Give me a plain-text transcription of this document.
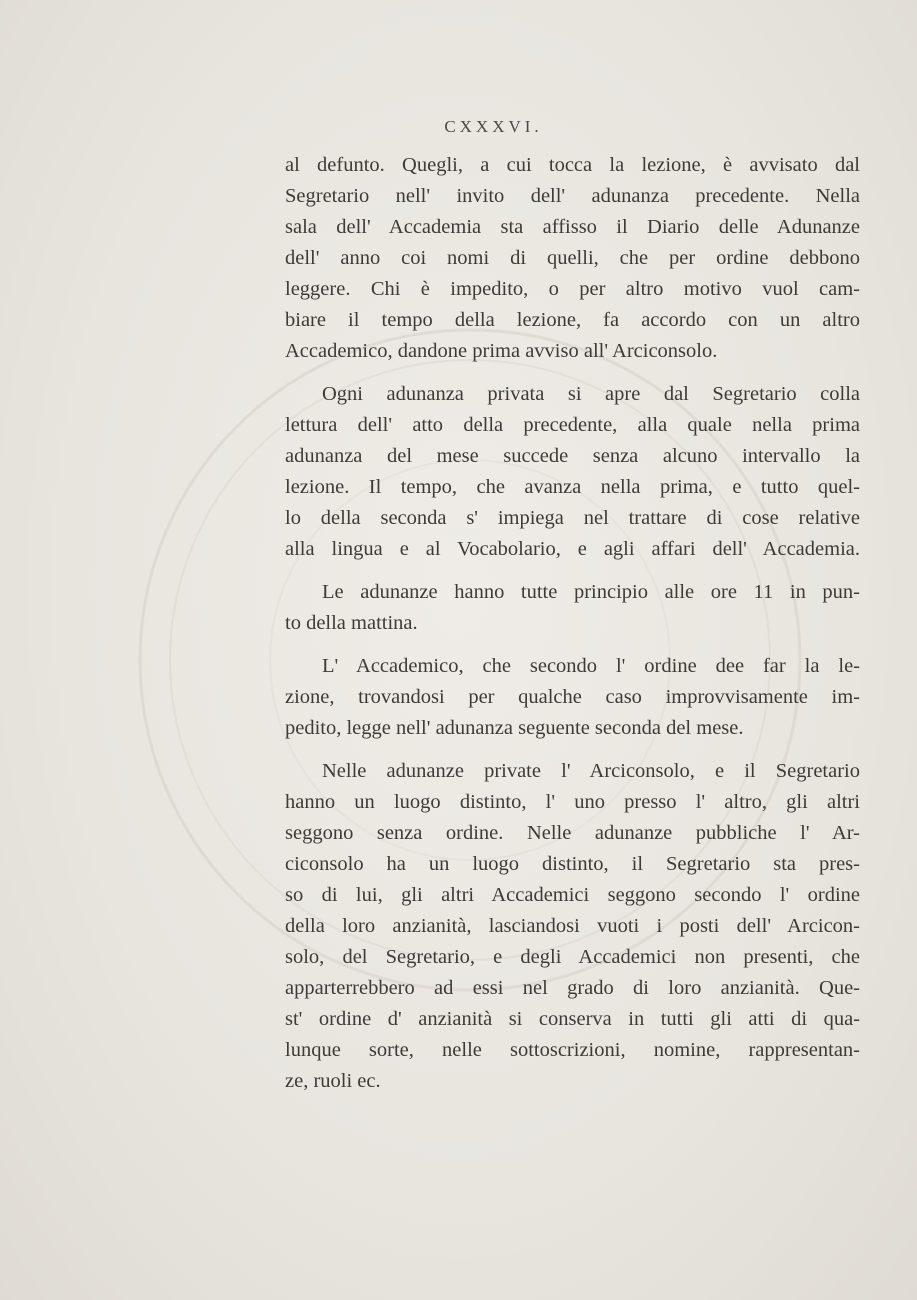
CXXXVI.
al defunto. Quegli, a cui tocca la lezione, è avvisato dal
Segretario nell' invito dell' adunanza precedente. Nella
sala dell' Accademia sta affisso il Diario delle Adunanze
dell' anno coi nomi di quelli, che per ordine debbono
leggere. Chi è impedito, o per altro motivo vuol cam-
biare il tempo della lezione, fa accordo con un altro
Accademico, dandone prima avviso all' Arciconsolo.
Ogni adunanza privata si apre dal Segretario colla
lettura dell' atto della precedente, alla quale nella prima
adunanza del mese succede senza alcuno intervallo la
lezione. Il tempo, che avanza nella prima, e tutto quel-
lo della seconda s' impiega nel trattare di cose relative
alla lingua e al Vocabolario, e agli affari dell' Accademia.
Le adunanze hanno tutte principio alle ore 11 in pun-
to della mattina.
L' Accademico, che secondo l' ordine dee far la le-
zione, trovandosi per qualche caso improvvisamente im-
pedito, legge nell' adunanza seguente seconda del mese.
Nelle adunanze private l' Arciconsolo, e il Segretario
hanno un luogo distinto, l' uno presso l' altro, gli altri
seggono senza ordine. Nelle adunanze pubbliche l' Ar-
ciconsolo ha un luogo distinto, il Segretario sta pres-
so di lui, gli altri Accademici seggono secondo l' ordine
della loro anzianità, lasciandosi vuoti i posti dell' Arcicon-
solo, del Segretario, e degli Accademici non presenti, che
apparterrebbero ad essi nel grado di loro anzianità. Que-
st' ordine d' anzianità si conserva in tutti gli atti di qua-
lunque sorte, nelle sottoscrizioni, nomine, rappresentan-
ze, ruoli ec.
